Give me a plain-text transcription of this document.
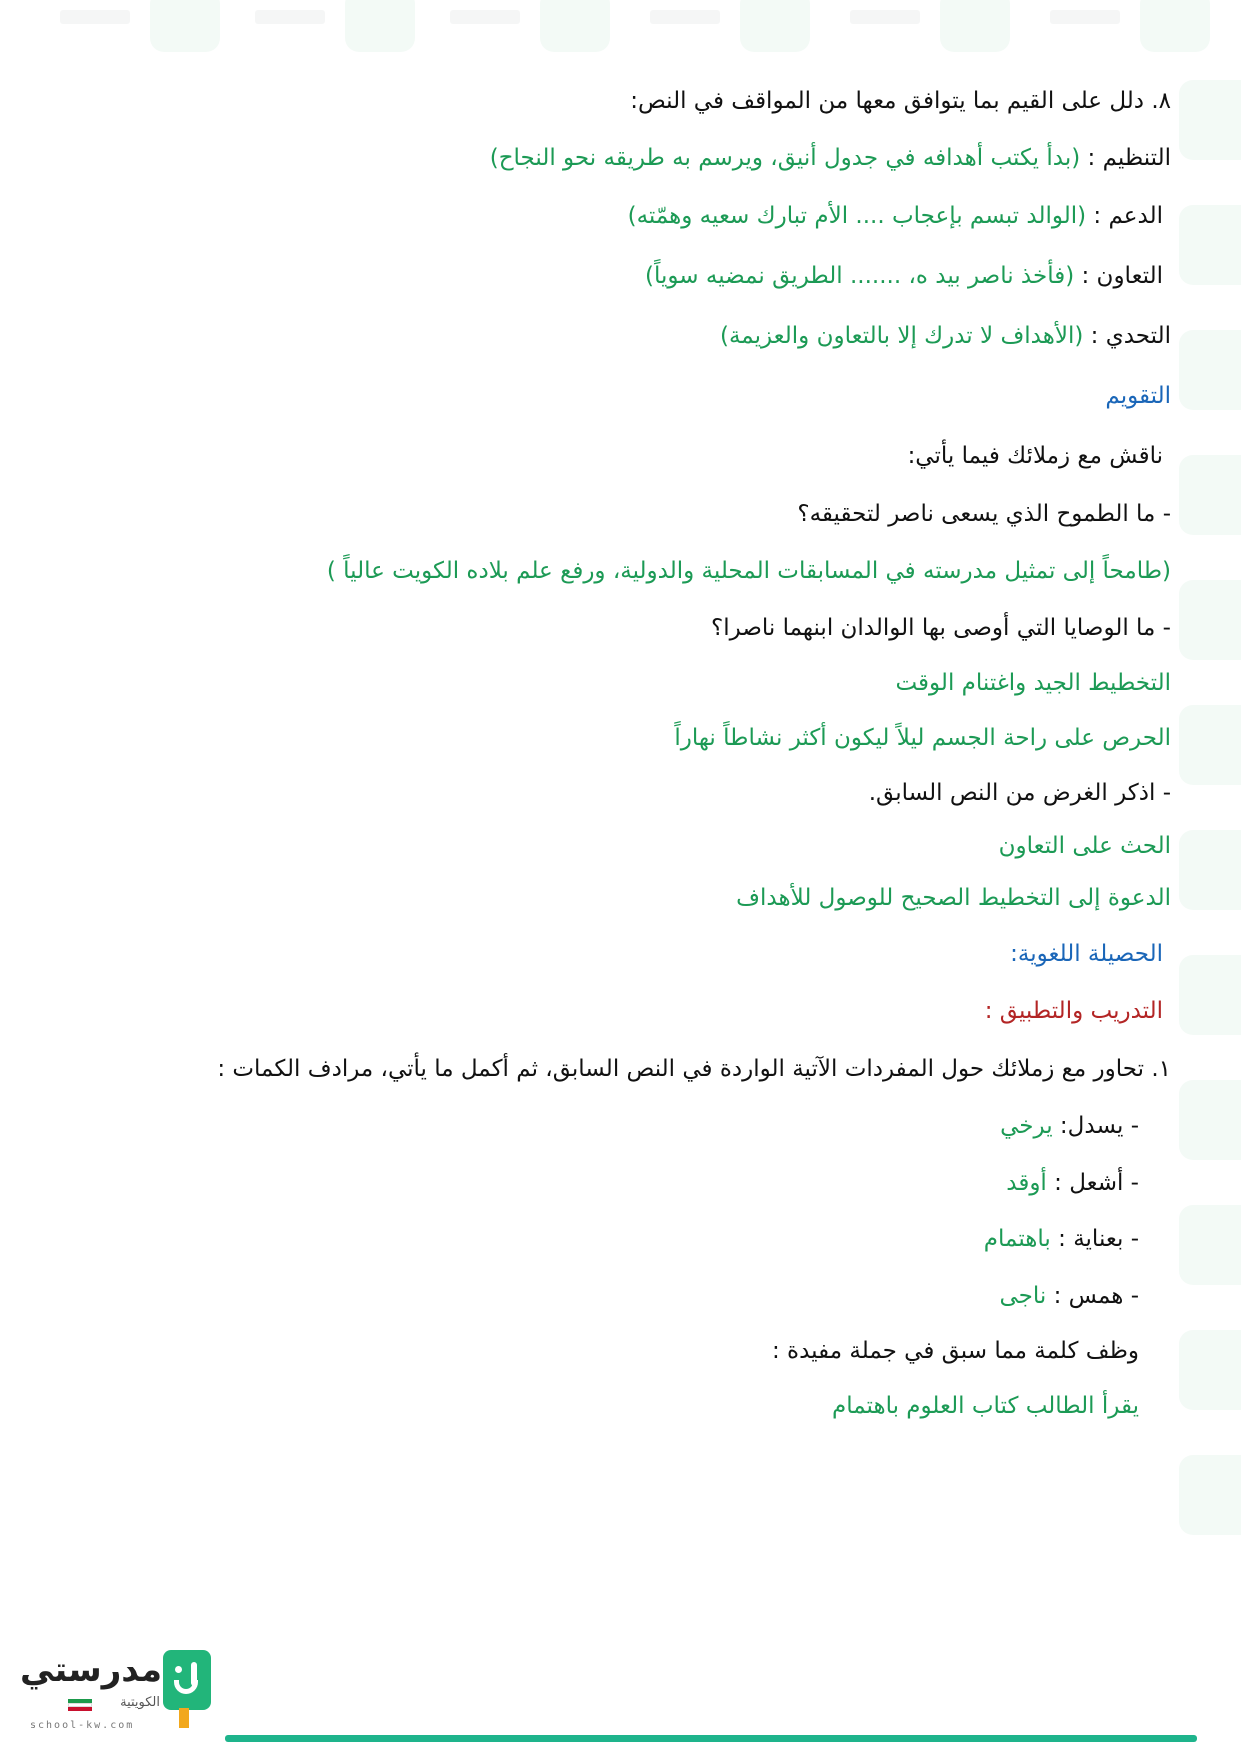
٨. دلل على القيم بما يتوافق معها من المواقف في النص:
التنظيم : (بدأ يكتب أهدافه في جدول أنيق، ويرسم به طريقه نحو النجاح)
الدعم : (الوالد تبسم بإعجاب .... الأم تبارك سعيه وهمّته)
التعاون : (فأخذ ناصر بيد ه، ....... الطريق نمضيه سوياً)
التحدي : (الأهداف لا تدرك إلا بالتعاون والعزيمة)
التقويم
ناقش مع زملائك فيما يأتي:
- ما الطموح الذي يسعى ناصر لتحقيقه؟
(طامحاً إلى تمثيل مدرسته في المسابقات المحلية والدولية، ورفع علم بلاده الكويت عالياً )
- ما الوصايا التي أوصى بها الوالدان ابنهما ناصرا؟
التخطيط الجيد واغتنام الوقت
الحرص على راحة الجسم ليلاً ليكون أكثر نشاطاً نهاراً
- اذكر الغرض من النص السابق.
الحث على التعاون
الدعوة إلى التخطيط الصحيح للوصول للأهداف
الحصيلة اللغوية:
التدريب والتطبيق :
١. تحاور مع زملائك حول المفردات الآتية الواردة في النص السابق، ثم أكمل ما يأتي، مرادف الكمات :
- يسدل: يرخي
- أشعل : أوقد
- بعناية : باهتمام
- همس : ناجى
وظف كلمة مما سبق في جملة مفيدة :
يقرأ الطالب كتاب العلوم باهتمام
مدرستي
الكويتية
school-kw.com
